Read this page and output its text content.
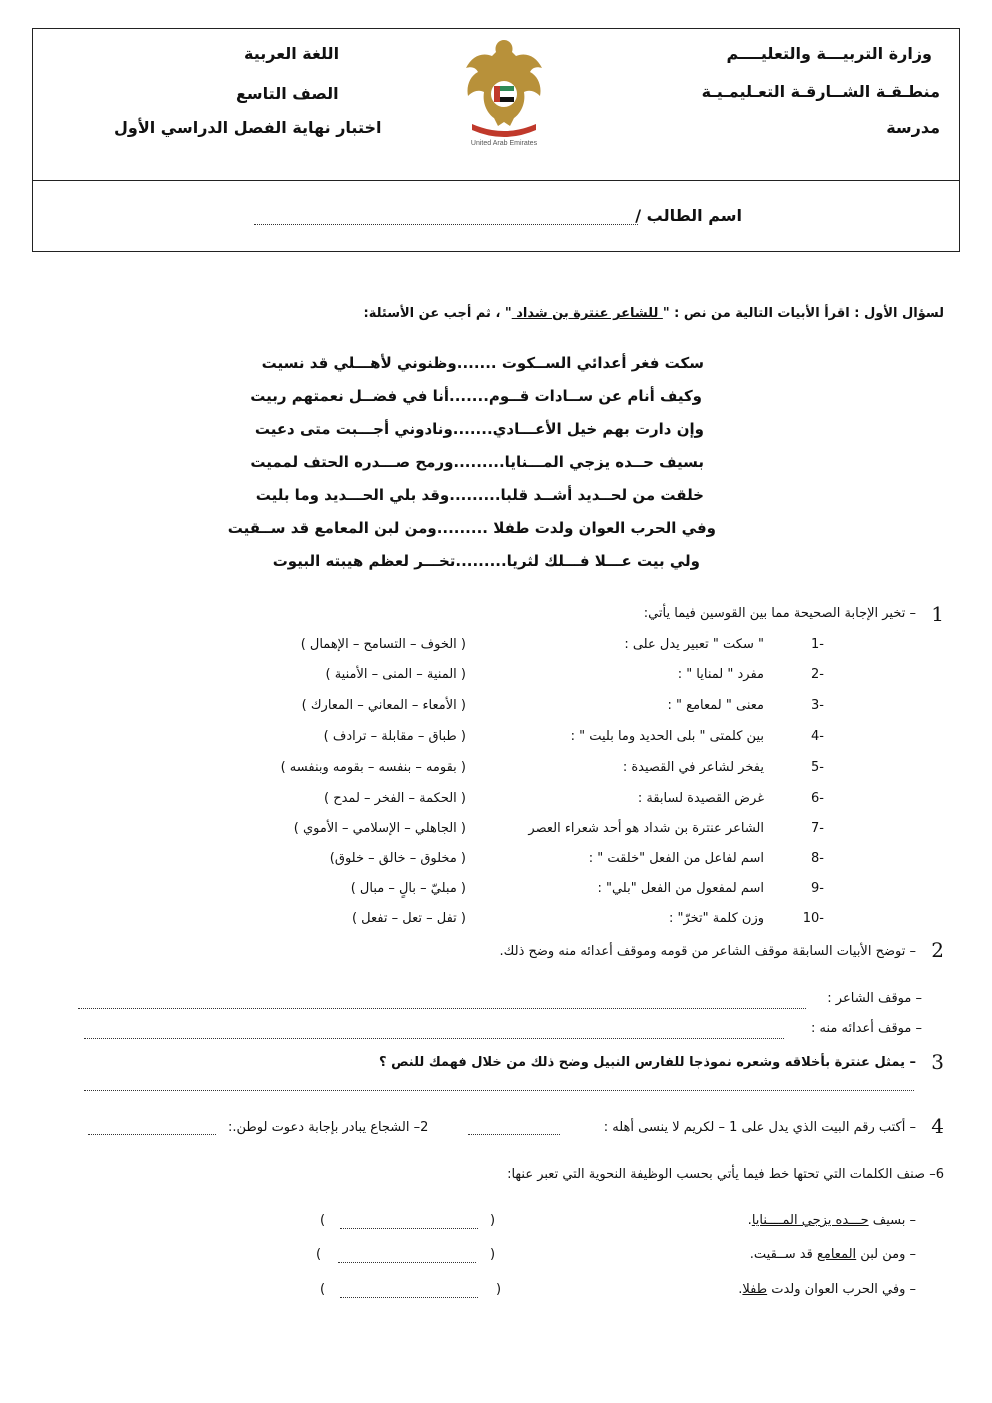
وزارة التربيـــة والتعليــــم
منطـقـة الشــارقـة التعـليمـيـة
مدرسة
اللغة العربية
الصف التاسع
اختبار نهاية الفصل الدراسي الأول
United Arab Emirates
اسم الطالب /
لسؤال الأول : اقرأ الأبيات التالية من نص : " للشاعر عنترة بن شداد " ، ثم أجب عن الأسئلة:
سكت فغر أعدائي الســكوت .......وظنوني لأهـــلي قد نسيت
وكيف أنام عن ســادات قــوم.......أنا في فضــل نعمتهم ربيت
وإن دارت بهم خيل الأعـــادي.......ونادوني أجـــبت متى دعيت
بسيف حــده يزجي المـــنايا.........ورمح صـــدره الحتف لمميت
خلقت من لحــديد أشــد قلبا.........وقد بلي الحـــديد وما بليت
وفي الحرب العوان ولدت طفلا .........ومن لبن المعامع قد ســقيت
ولي بيت عـــلا فـــلك لثريا.........تخـــر لعظم هيبته البيوت
1
– تخير الإجابة الصحيحة مما بين القوسين فيما يأتي:
-1
" سكت " تعبير يدل على :
( الخوف – التسامح – الإهمال )
-2
مفرد " لمنايا " :
( المنية – المنى – الأمنية )
-3
معنى " لمعامع " :
( الأمعاء – المعاني – المعارك )
-4
بين كلمتى " بلى الحديد وما بليت " :
( طباق – مقابلة – ترادف )
-5
يفخر لشاعر في القصيدة :
( بقومه – بنفسه – بقومه وبنفسه )
-6
غرض القصيدة لسابقة :
( الحكمة – الفخر – لمدح )
-7
الشاعر عنترة بن شداد هو أحد شعراء العصر
( الجاهلي – الإسلامي – الأموي )
-8
اسم لفاعل من الفعل "خلقت " :
( مخلوق – خالق – خلوق)
-9
اسم لمفعول من الفعل "بلي" :
( مبليّ – بالٍ – مبال )
-10
وزن كلمة "تخرّ" :
( تفل – تعل – تفعل )
2
– توضح الأبيات السابقة موقف الشاعر من قومه وموقف أعدائه منه وضح ذلك.
– موقف الشاعر :
– موقف أعدائه منه :
3
– يمثل عنترة بأخلاقه وشعره نموذجا للفارس النبيل وضح ذلك من خلال فهمك للنص ؟
4
– أكتب رقم البيت الذي يدل على 1 – لكريم لا ينسى أهله :
2– الشجاع يبادر بإجابة دعوت لوطن.:
6– صنف الكلمات التي تحتها خط فيما يأتي بحسب الوظيفة النحوية التي تعبر عنها:
– بسيف حـــده يزجي المــــنايا.
(
)
– ومن لبن المعامع قد ســقيت.
(
)
– وفي الحرب العوان ولدت طفلا.
(
)
